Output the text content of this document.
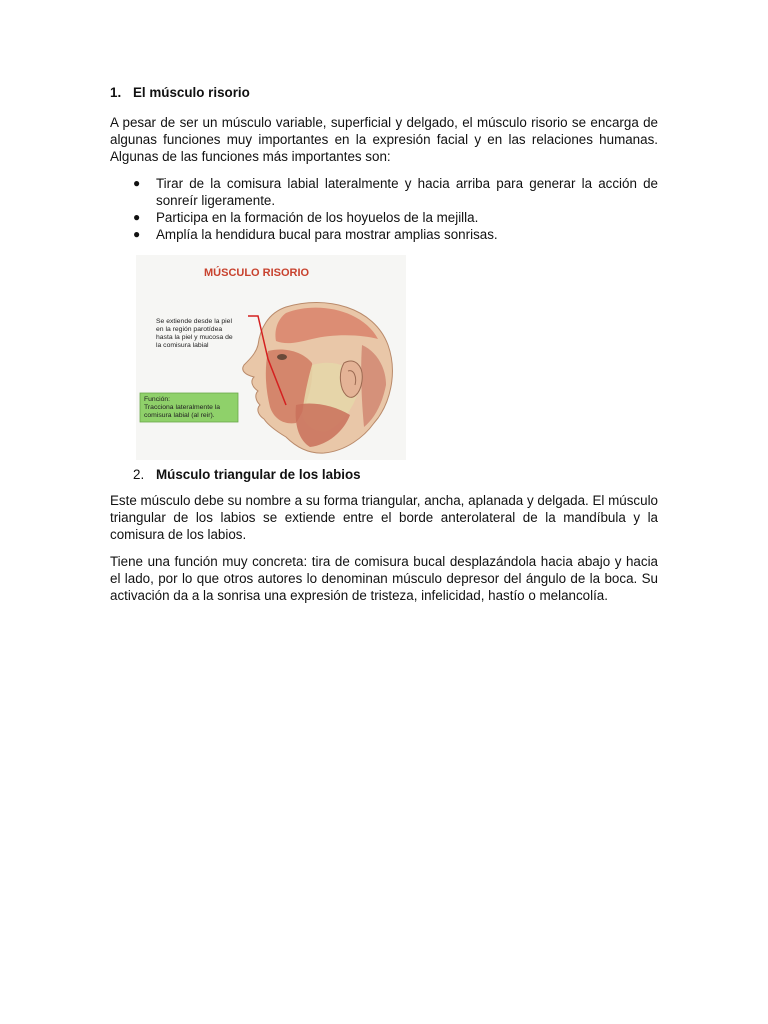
1. El músculo risorio

A pesar de ser un músculo variable, superficial y delgado, el músculo risorio se encarga de algunas funciones muy importantes en la expresión facial y en las relaciones humanas. Algunas de las funciones más importantes son:

● Tirar de la comisura labial lateralmente y hacia arriba para generar la acción de sonreír ligeramente.
● Participa en la formación de los hoyuelos de la mejilla.
● Amplía la hendidura bucal para mostrar amplias sonrisas.
MÚSCULO RISORIO
Se extiende desde la piel
en la región parotídea
hasta la piel y mucosa de
la comisura labial
Función:
Tracciona lateralmente la
comisura labial (al reir).
2. Músculo triangular de los labios

Este músculo debe su nombre a su forma triangular, ancha, aplanada y delgada. El músculo triangular de los labios se extiende entre el borde anterolateral de la mandíbula y la comisura de los labios.

Tiene una función muy concreta: tira de comisura bucal desplazándola hacia abajo y hacia el lado, por lo que otros autores lo denominan músculo depresor del ángulo de la boca. Su activación da a la sonrisa una expresión de tristeza, infelicidad, hastío o melancolía.
